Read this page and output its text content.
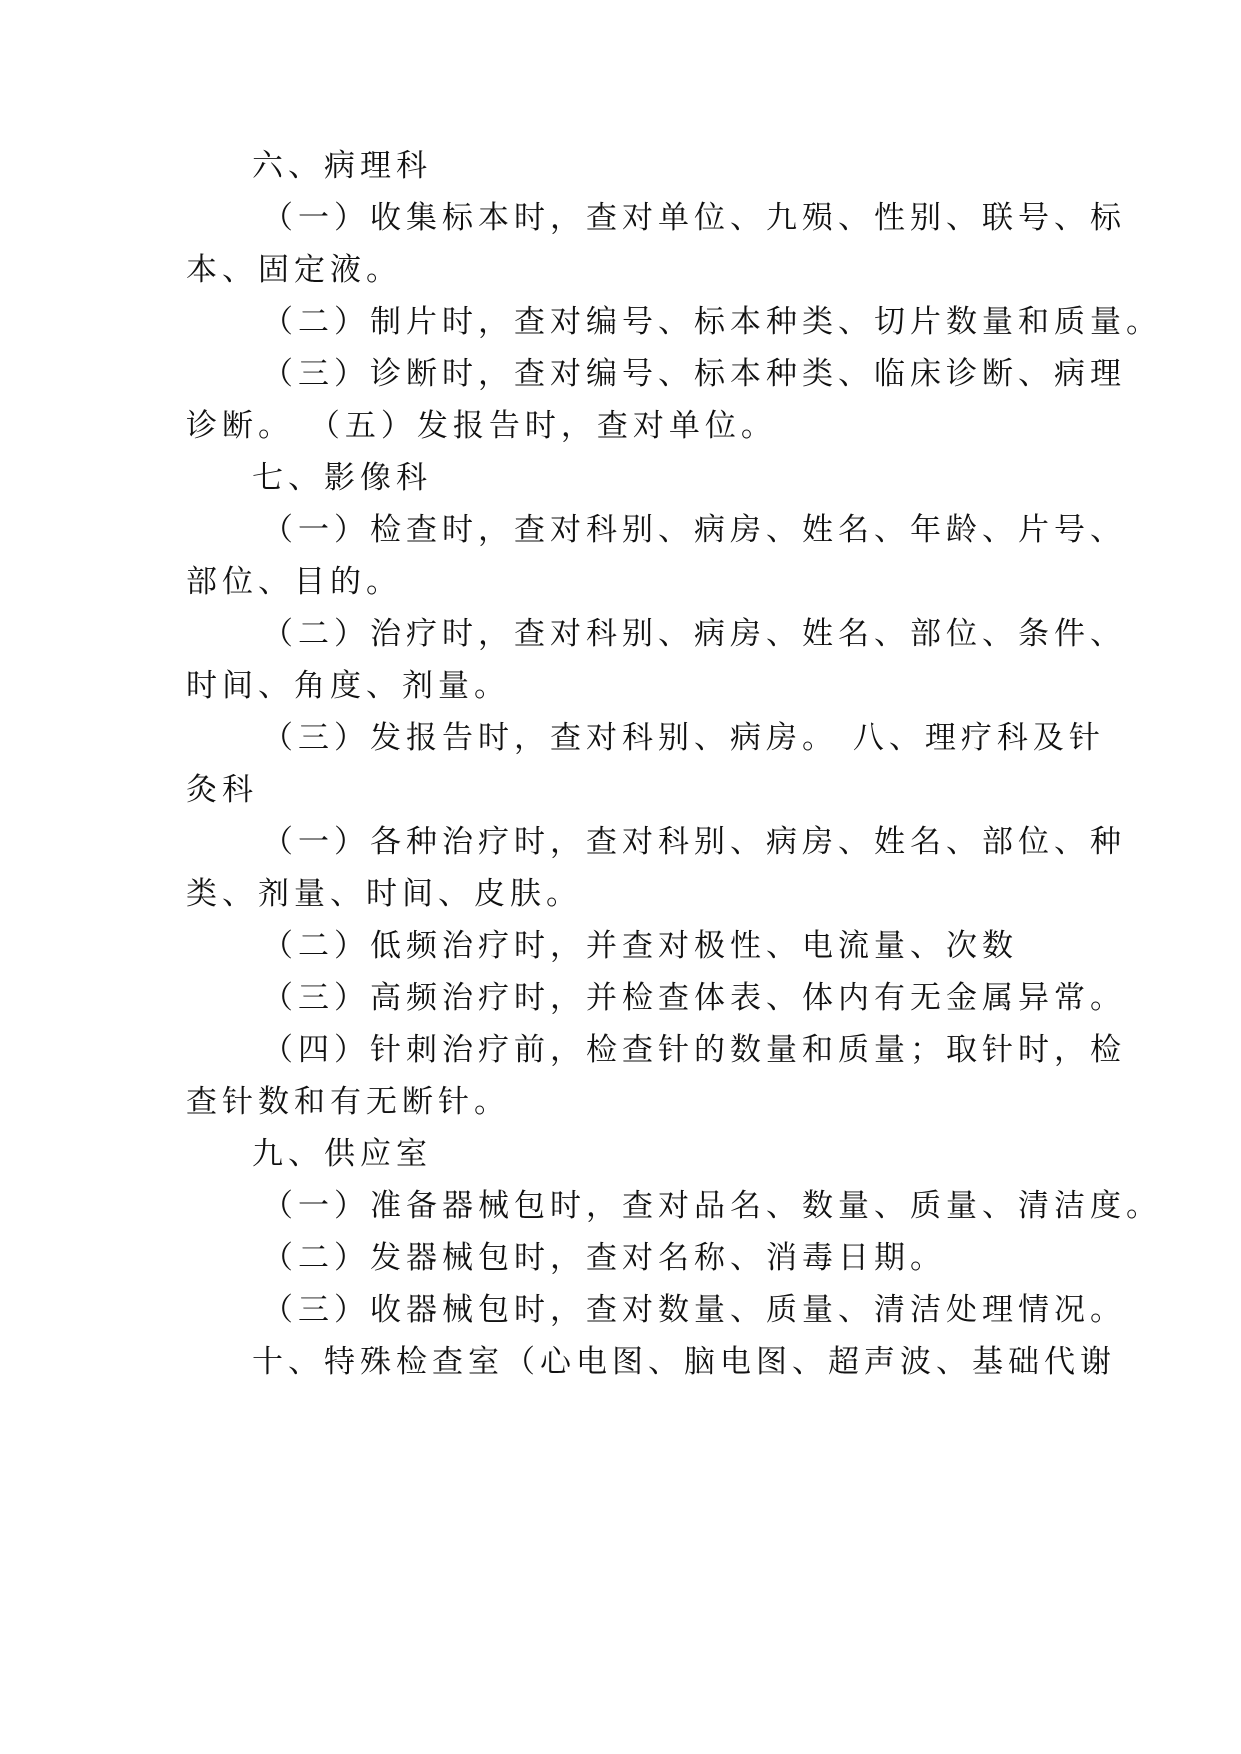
六、病理科
（一）收集标本时，查对单位、九殒、性别、联号、标
本、固定液。
（二）制片时，查对编号、标本种类、切片数量和质量。
（三）诊断时，查对编号、标本种类、临床诊断、病理
诊断。 （五）发报告时，查对单位。
七、影像科
（一）检查时，查对科别、病房、姓名、年龄、片号、
部位、目的。
（二）治疗时，查对科别、病房、姓名、部位、条件、
时间、角度、剂量。
（三）发报告时，查对科别、病房。 八、理疗科及针
灸科
（一）各种治疗时，查对科别、病房、姓名、部位、种
类、剂量、时间、皮肤。
（二）低频治疗时，并查对极性、电流量、次数
（三）高频治疗时，并检查体表、体内有无金属异常。
（四）针刺治疗前，检查针的数量和质量；取针时，检
查针数和有无断针。
九、供应室
（一）准备器械包时，查对品名、数量、质量、清洁度。
（二）发器械包时，查对名称、消毒日期。
（三）收器械包时，查对数量、质量、清洁处理情况。
十、特殊检查室（心电图、脑电图、超声波、基础代谢
